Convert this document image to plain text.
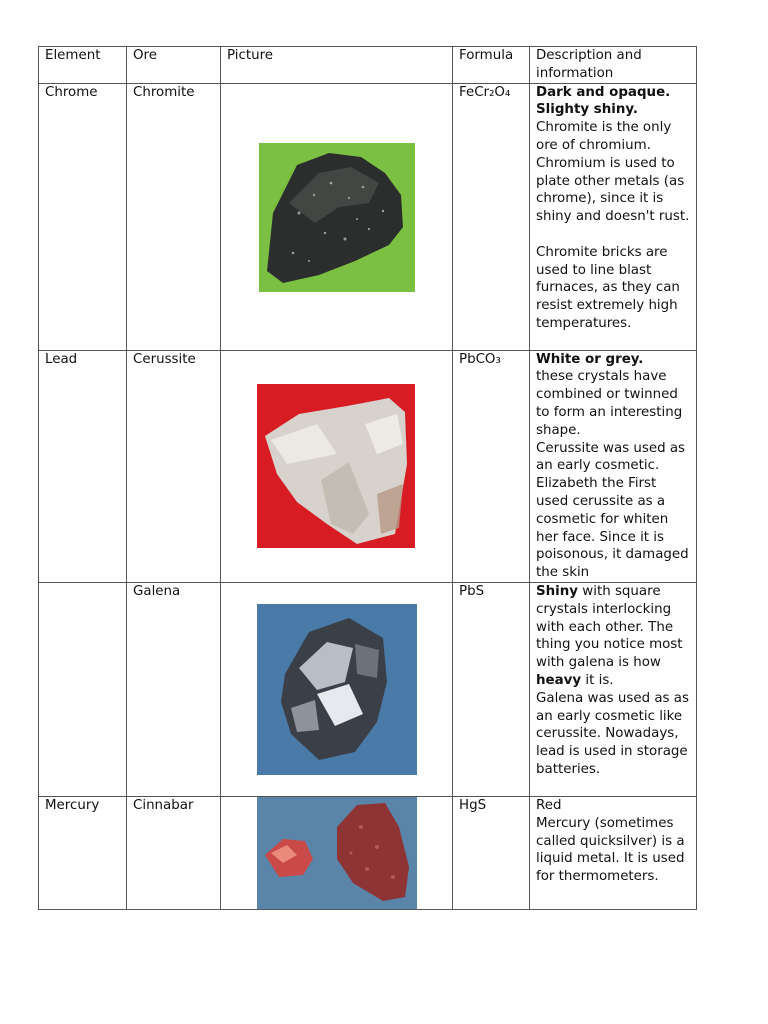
Element	Ore	Picture	Formula	Description and information
Chrome	Chromite		FeCr₂O₄	Dark and opaque.
Slighty shiny.
Chromite is the only ore of chromium. Chromium is used to plate other metals (as chrome), since it is shiny and doesn't rust.

Chromite bricks are used to line blast furnaces, as they can resist extremely high temperatures.
Lead	Cerussite		PbCO₃	White or grey.
these crystals have combined or twinned to form an interesting shape.
Cerussite was used as an early cosmetic. Elizabeth the First used cerussite as a cosmetic for whiten her face. Since it is poisonous, it damaged the skin
	Galena		PbS	Shiny with square crystals interlocking with each other. The thing you notice most with galena is how heavy it is.
Galena was used as as an early cosmetic like cerussite. Nowadays, lead is used in storage batteries.
Mercury	Cinnabar		HgS	Red
Mercury (sometimes called quicksilver) is a liquid metal. It is used for thermometers.
